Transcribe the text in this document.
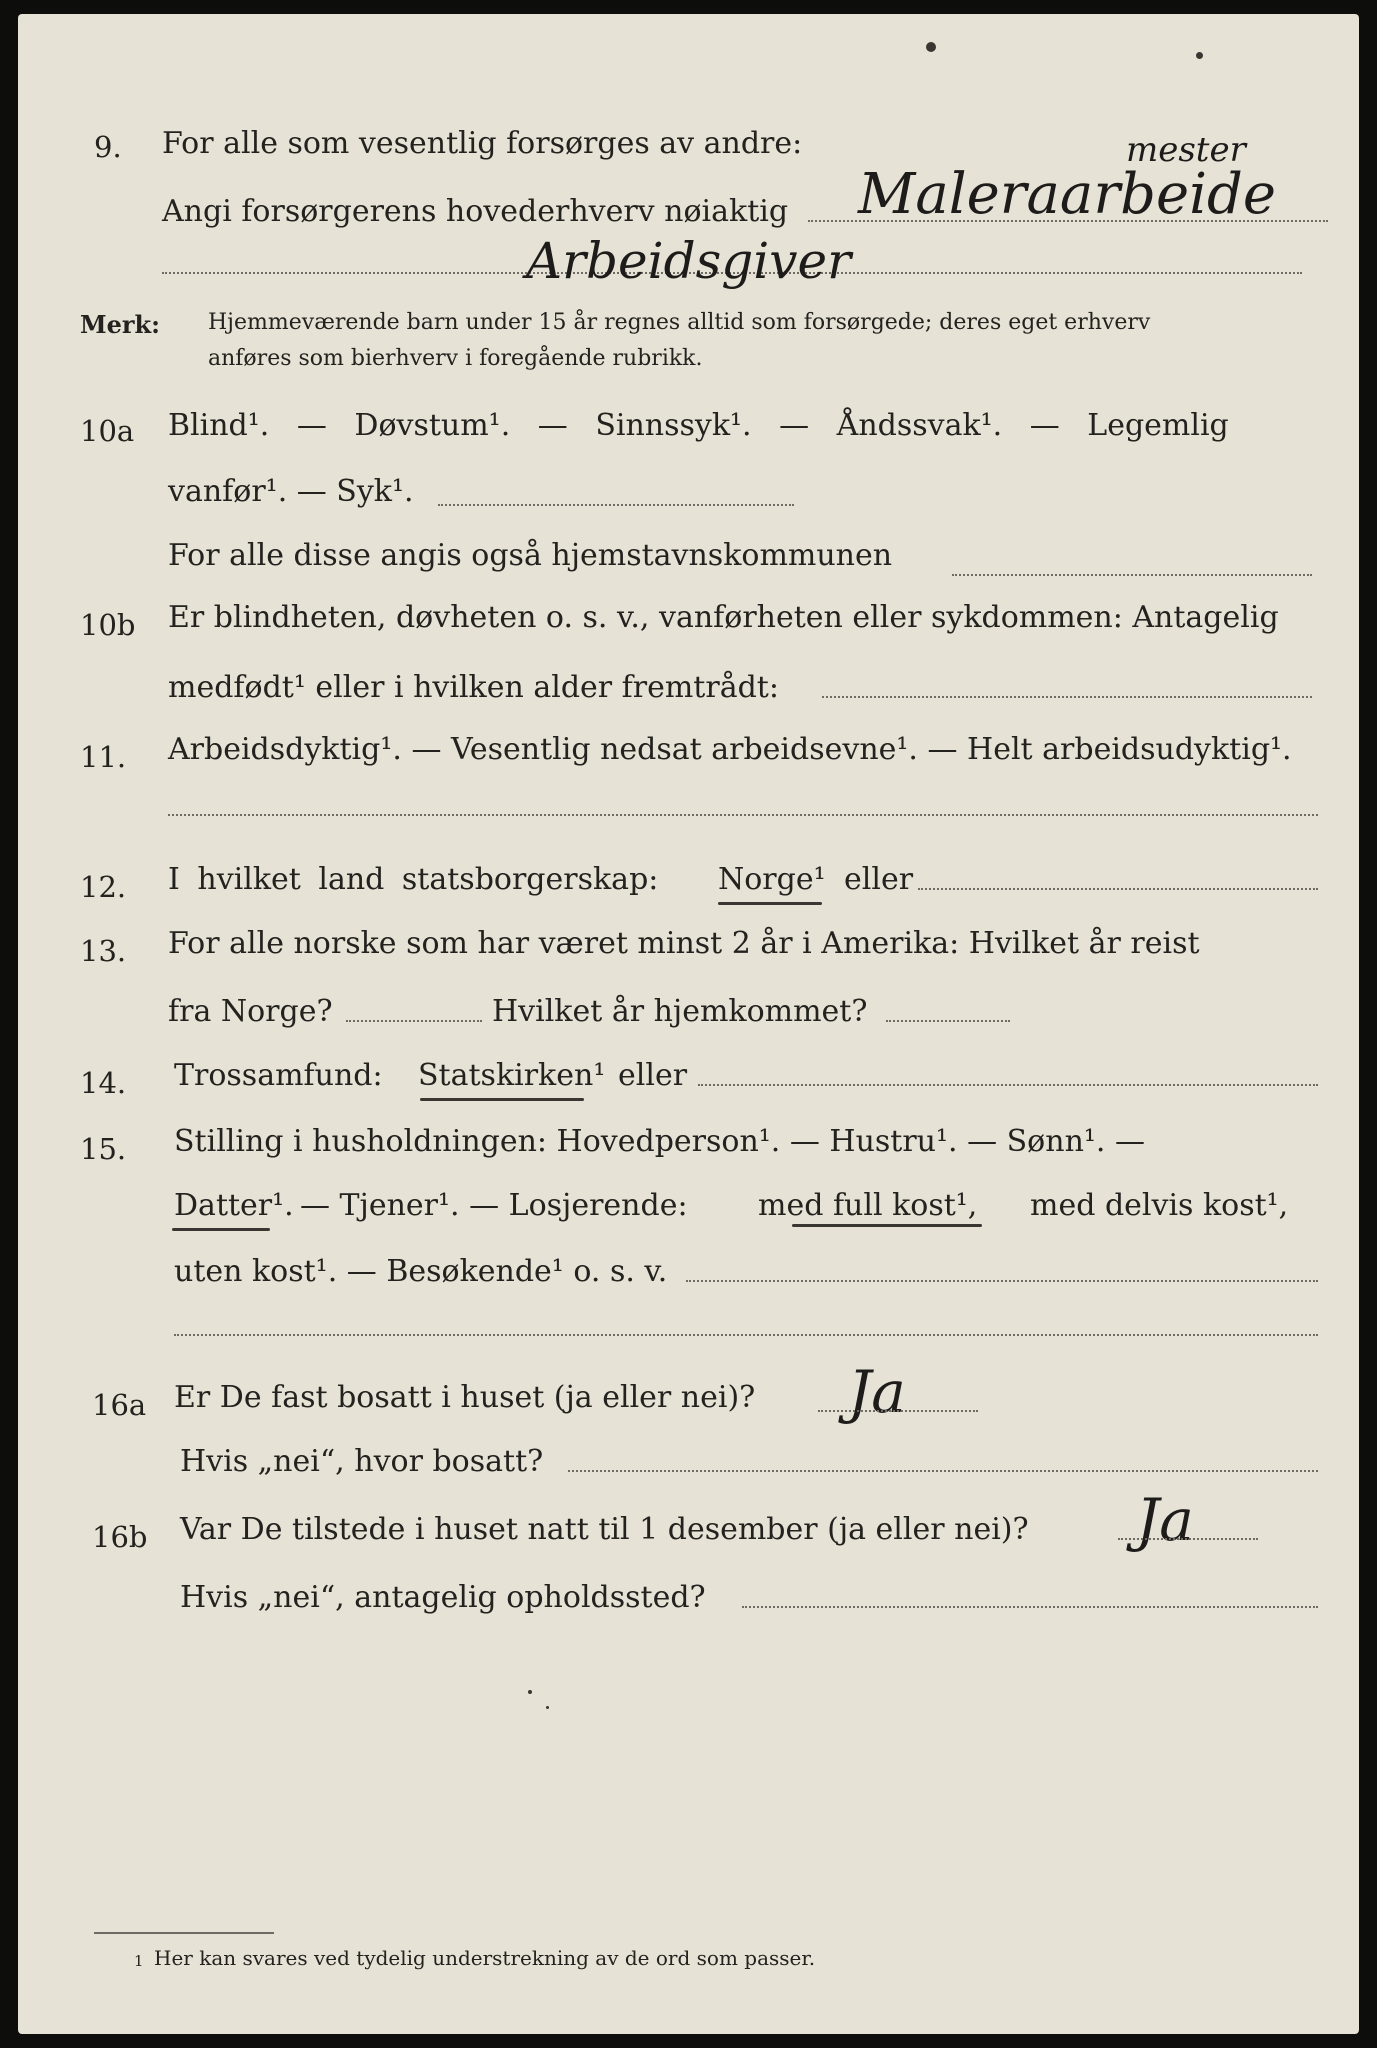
9. For alle som vesentlig forsørges av andre:
Angi forsørgerens hovederhverv nøiaktig
mester
Maleraarbeide
Arbeidsgiver
Merk: Hjemmeværende barn under 15 år regnes alltid som forsørgede; deres eget erhverv
anføres som bierhverv i foregående rubrikk.
10a Blind¹. — Døvstum¹. — Sinnssyk¹. — Åndssvak¹. — Legemlig
vanfør¹. — Syk¹.
For alle disse angis også hjemstavnskommunen
10b Er blindheten, døvheten o. s. v., vanførheten eller sykdommen: Antagelig
medfødt¹ eller i hvilken alder fremtrådt:
11. Arbeidsdyktig¹. — Vesentlig nedsat arbeidsevne¹. — Helt arbeidsudyktig¹.
12. I hvilket land statsborgerskap: Norge¹ eller
13. For alle norske som har været minst 2 år i Amerika: Hvilket år reist
fra Norge?	Hvilket år hjemkommet?
14. Trossamfund: Statskirken¹ eller
15. Stilling i husholdningen: Hovedperson¹. — Hustru¹. — Sønn¹. —
Datter¹. — Tjener¹. — Losjerende: med full kost¹, med delvis kost¹,
uten kost¹. — Besøkende¹ o. s. v.
16a Er De fast bosatt i huset (ja eller nei)? Ja
Hvis „nei“, hvor bosatt?
16b Var De tilstede i huset natt til 1 desember (ja eller nei)? Ja
Hvis „nei“, antagelig opholdssted?
1 Her kan svares ved tydelig understrekning av de ord som passer.
